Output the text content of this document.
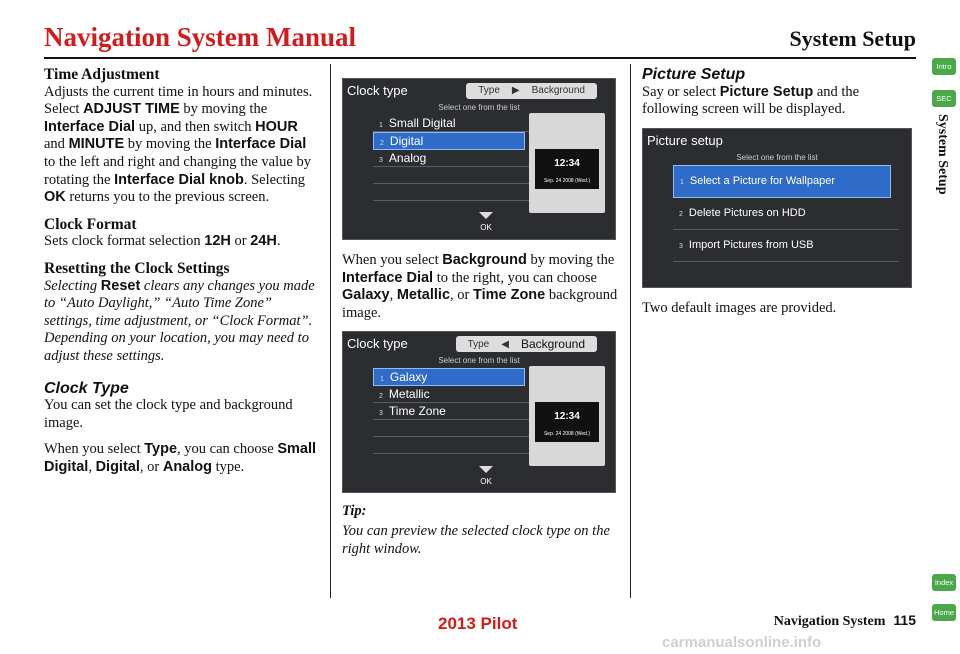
Navigation System Manual	System Setup
Time Adjustment

Adjusts the current time in hours and minutes. Select ADJUST TIME by moving the Interface Dial up, and then switch HOUR and MINUTE by moving the Interface Dial to the left and right and changing the value by rotating the Interface Dial knob. Selecting OK returns you to the previous screen.

Clock Format

Sets clock format selection 12H or 24H.

Resetting the Clock Settings

Selecting Reset clears any changes you made to “Auto Daylight,” “Auto Time Zone” settings, time adjustment, or “Clock Format”. Depending on your location, you may need to adjust these settings.

Clock Type

You can set the clock type and background image.

When you select Type, you can choose Small Digital, Digital, or Analog type.

Clock type	Type ▶ Background
Select one from the list
1 Small Digital
2 Digital
3 Analog	12:34
Sep. 24 2008 (Wed.)
OK

When you select Background by moving the Interface Dial to the right, you can choose Galaxy, Metallic, or Time Zone background image.

Clock type	Type ◀ Background
Select one from the list
1 Galaxy
2 Metallic
3 Time Zone	12:34
Sep. 24 2008 (Wed.)
OK

Tip:

You can preview the selected clock type on the right window.

Picture Setup

Say or select Picture Setup and the following screen will be displayed.

Picture setup
Select one from the list
1 Select a Picture for Wallpaper
2 Delete Pictures on HDD
3 Import Pictures from USB

Two default images are provided.

Intro
SEC
System Setup
Index
Home
Navigation System 115
2013 Pilot
carmanualsonline.info
